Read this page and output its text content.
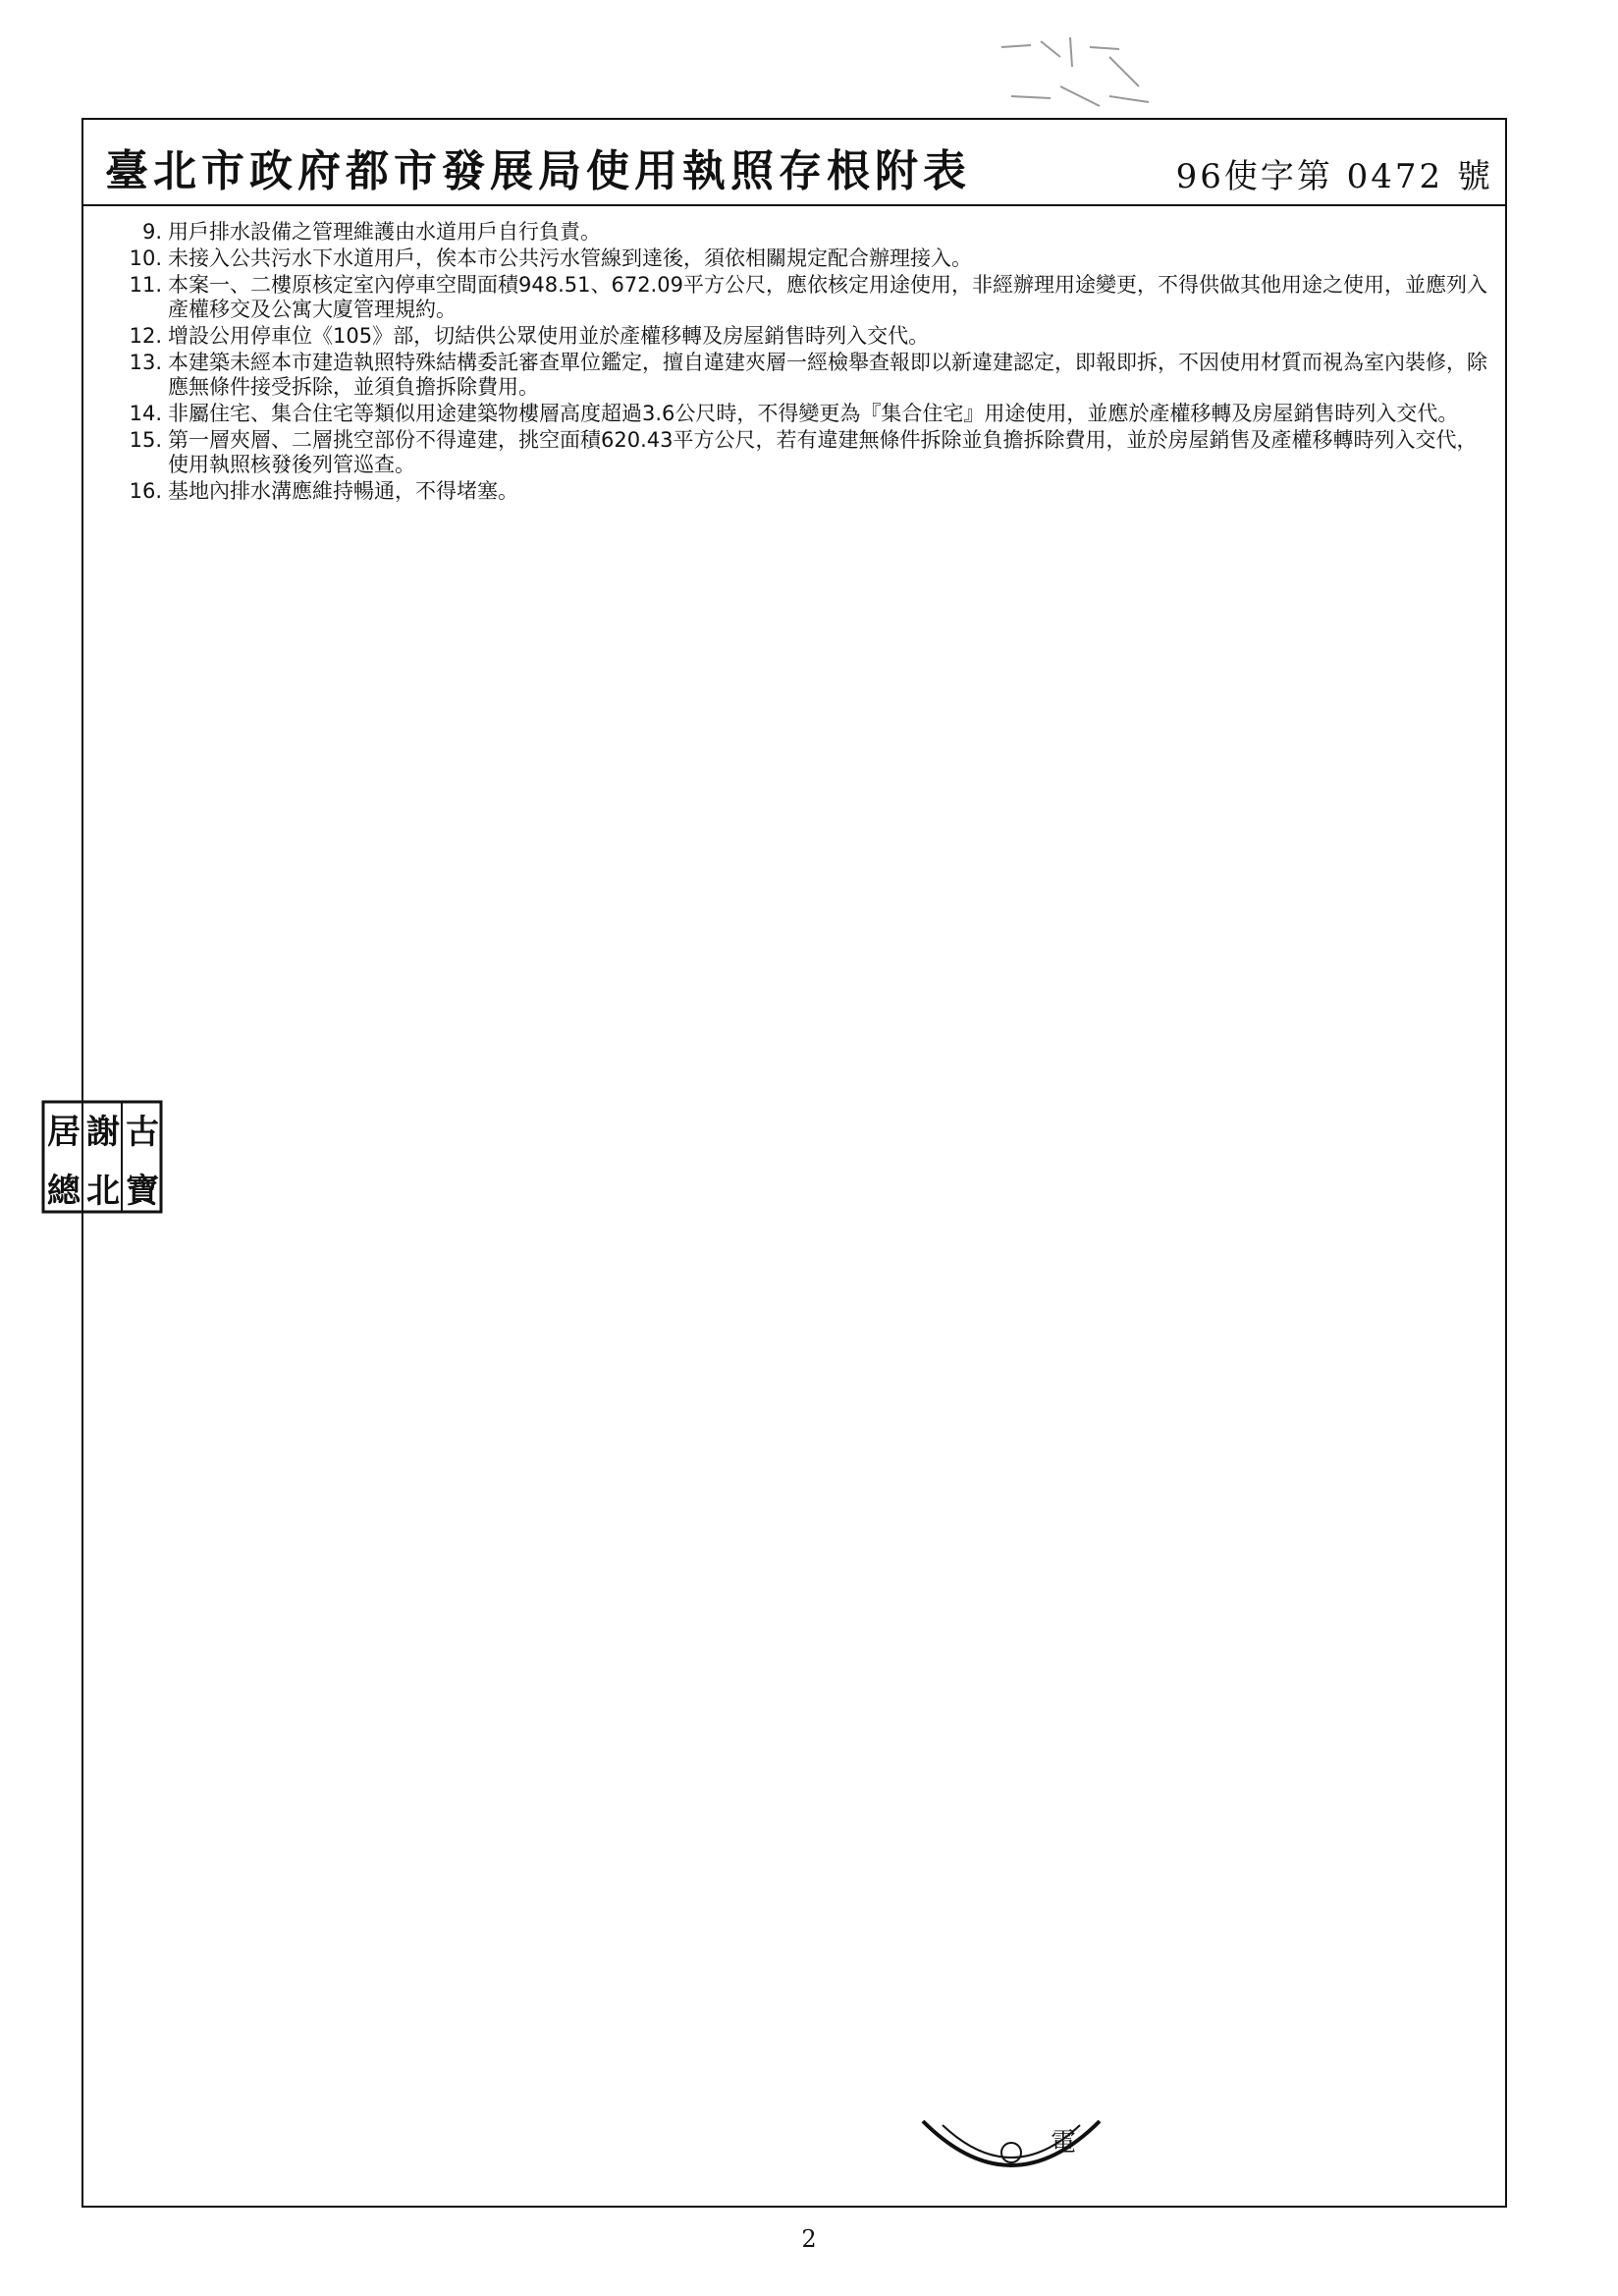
臺北市政府都市發展局使用執照存根附表	96使字第 0472 號
9. 用戶排水設備之管理維護由水道用戶自行負責。
10. 未接入公共污水下水道用戶，俟本市公共污水管線到達後，須依相關規定配合辦理接入。
11. 本案一、二樓原核定室內停車空間面積948.51、672.09平方公尺，應依核定用途使用，非經辦理用途變更，不得供做其他用途之使用，並應列入產權移交及公寓大廈管理規約。
12. 增設公用停車位《105》部，切結供公眾使用並於產權移轉及房屋銷售時列入交代。
13. 本建築未經本市建造執照特殊結構委託審查單位鑑定，擅自違建夾層一經檢舉查報即以新違建認定，即報即拆，不因使用材質而視為室內裝修，除應無條件接受拆除，並須負擔拆除費用。
14. 非屬住宅、集合住宅等類似用途建築物樓層高度超過3.6公尺時，不得變更為『集合住宅』用途使用，並應於產權移轉及房屋銷售時列入交代。
15. 第一層夾層、二層挑空部份不得違建，挑空面積620.43平方公尺，若有違建無條件拆除並負擔拆除費用，並於房屋銷售及產權移轉時列入交代，使用執照核發後列管巡查。
16. 基地內排水溝應維持暢通，不得堵塞。
古
寶
謝
北
居
總
電
2
